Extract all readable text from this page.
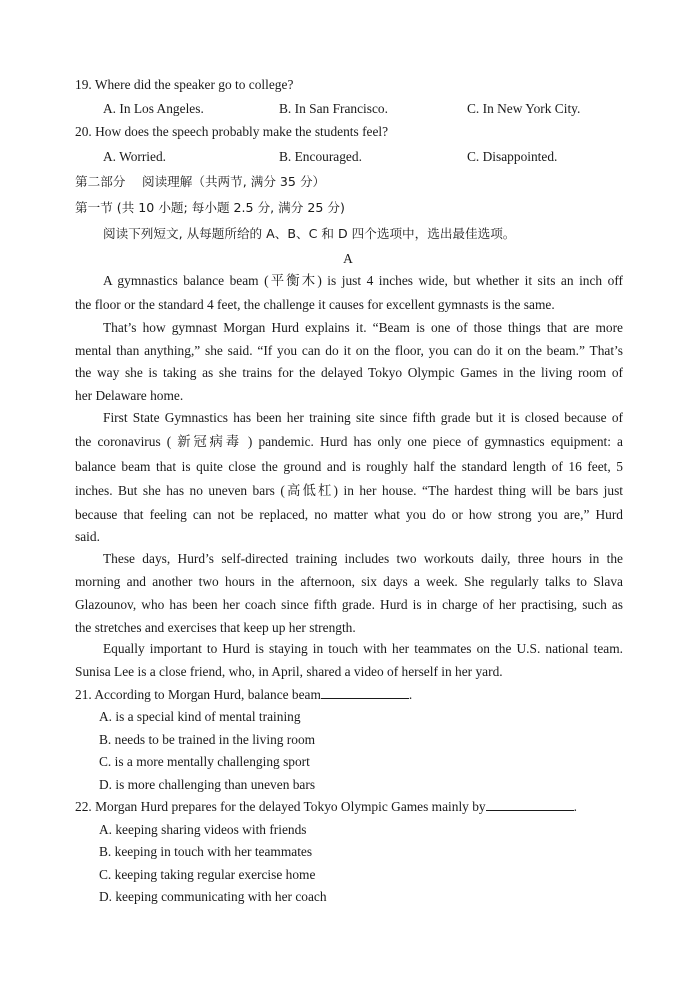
19. Where did the speaker go to college?
A. In Los Angeles.	B. In San Francisco.	C. In New York City.
20. How does the speech probably make the students feel?
A. Worried.	B. Encouraged.	C. Disappointed.
第二部分　 阅读理解（共两节, 满分 35 分）
第一节 (共 10 小题; 每小题 2.5 分, 满分 25 分)
阅读下列短文, 从每题所给的 A、B、C 和 D 四个选项中，选出最佳选项。
A
A gymnastics balance beam (平衡木) is just 4 inches wide, but whether it sits an inch off
the floor or the standard 4 feet, the challenge it causes for excellent gymnasts is the same.
That’s how gymnast Morgan Hurd explains it. “Beam is one of those things that are more
mental than anything,” she said. “If you can do it on the floor, you can do it on the beam.” That’s
the way she is taking as she trains for the delayed Tokyo Olympic Games in the living room of
her Delaware home.
First State Gymnastics has been her training site since fifth grade but it is closed because of
the coronavirus ( 新冠病毒 ) pandemic. Hurd has only one piece of gymnastics equipment: a
balance beam that is quite close the ground and is roughly half the standard length of 16 feet, 5
inches. But she has no uneven bars (高低杠) in her house. “The hardest thing will be bars just
because that feeling can not be replaced, no matter what you do or how strong you are,” Hurd
said.
These days, Hurd’s self-directed training includes two workouts daily, three hours in the
morning and another two hours in the afternoon, six days a week. She regularly talks to Slava
Glazounov, who has been her coach since fifth grade. Hurd is in charge of her practising, such as
the stretches and exercises that keep up her strength.
Equally important to Hurd is staying in touch with her teammates on the U.S. national team.
Sunisa Lee is a close friend, who, in April, shared a video of herself in her yard.
21. According to Morgan Hurd, balance beam	.
A. is a special kind of mental training
B. needs to be trained in the living room
C. is a more mentally challenging sport
D. is more challenging than uneven bars
22. Morgan Hurd prepares for the delayed Tokyo Olympic Games mainly by	.
A. keeping sharing videos with friends
B. keeping in touch with her teammates
C. keeping taking regular exercise home
D. keeping communicating with her coach
